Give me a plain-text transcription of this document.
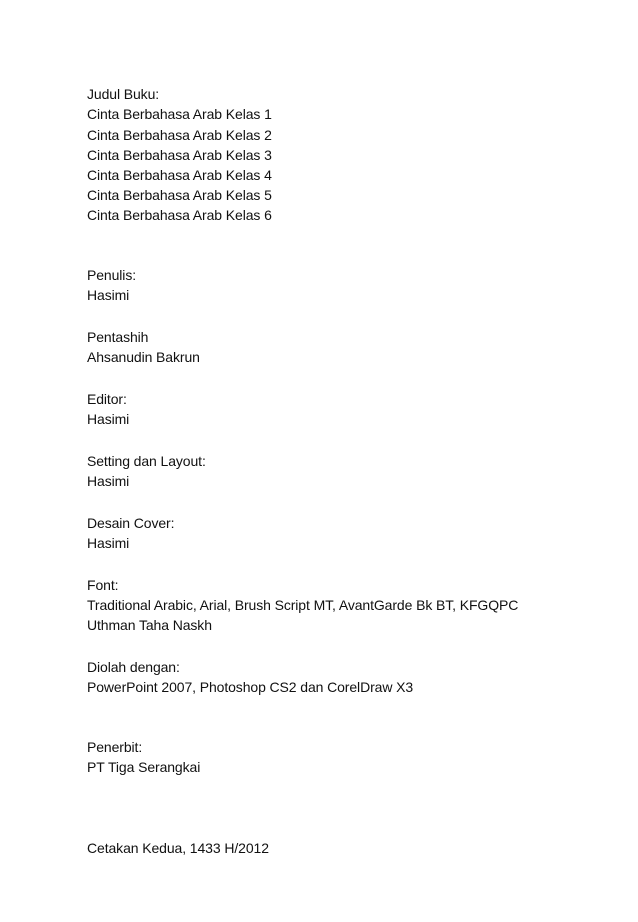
Judul Buku:
Cinta Berbahasa Arab Kelas 1
Cinta Berbahasa Arab Kelas 2
Cinta Berbahasa Arab Kelas 3
Cinta Berbahasa Arab Kelas 4
Cinta Berbahasa Arab Kelas 5
Cinta Berbahasa Arab Kelas 6
Penulis:
Hasimi
Pentashih
Ahsanudin Bakrun
Editor:
Hasimi
Setting dan Layout:
Hasimi
Desain Cover:
Hasimi
Font:
Traditional Arabic, Arial, Brush Script MT, AvantGarde Bk BT, KFGQPC
Uthman Taha Naskh
Diolah dengan:
PowerPoint 2007, Photoshop CS2 dan CorelDraw X3
Penerbit:
PT Tiga Serangkai
Cetakan Kedua, 1433 H/2012
